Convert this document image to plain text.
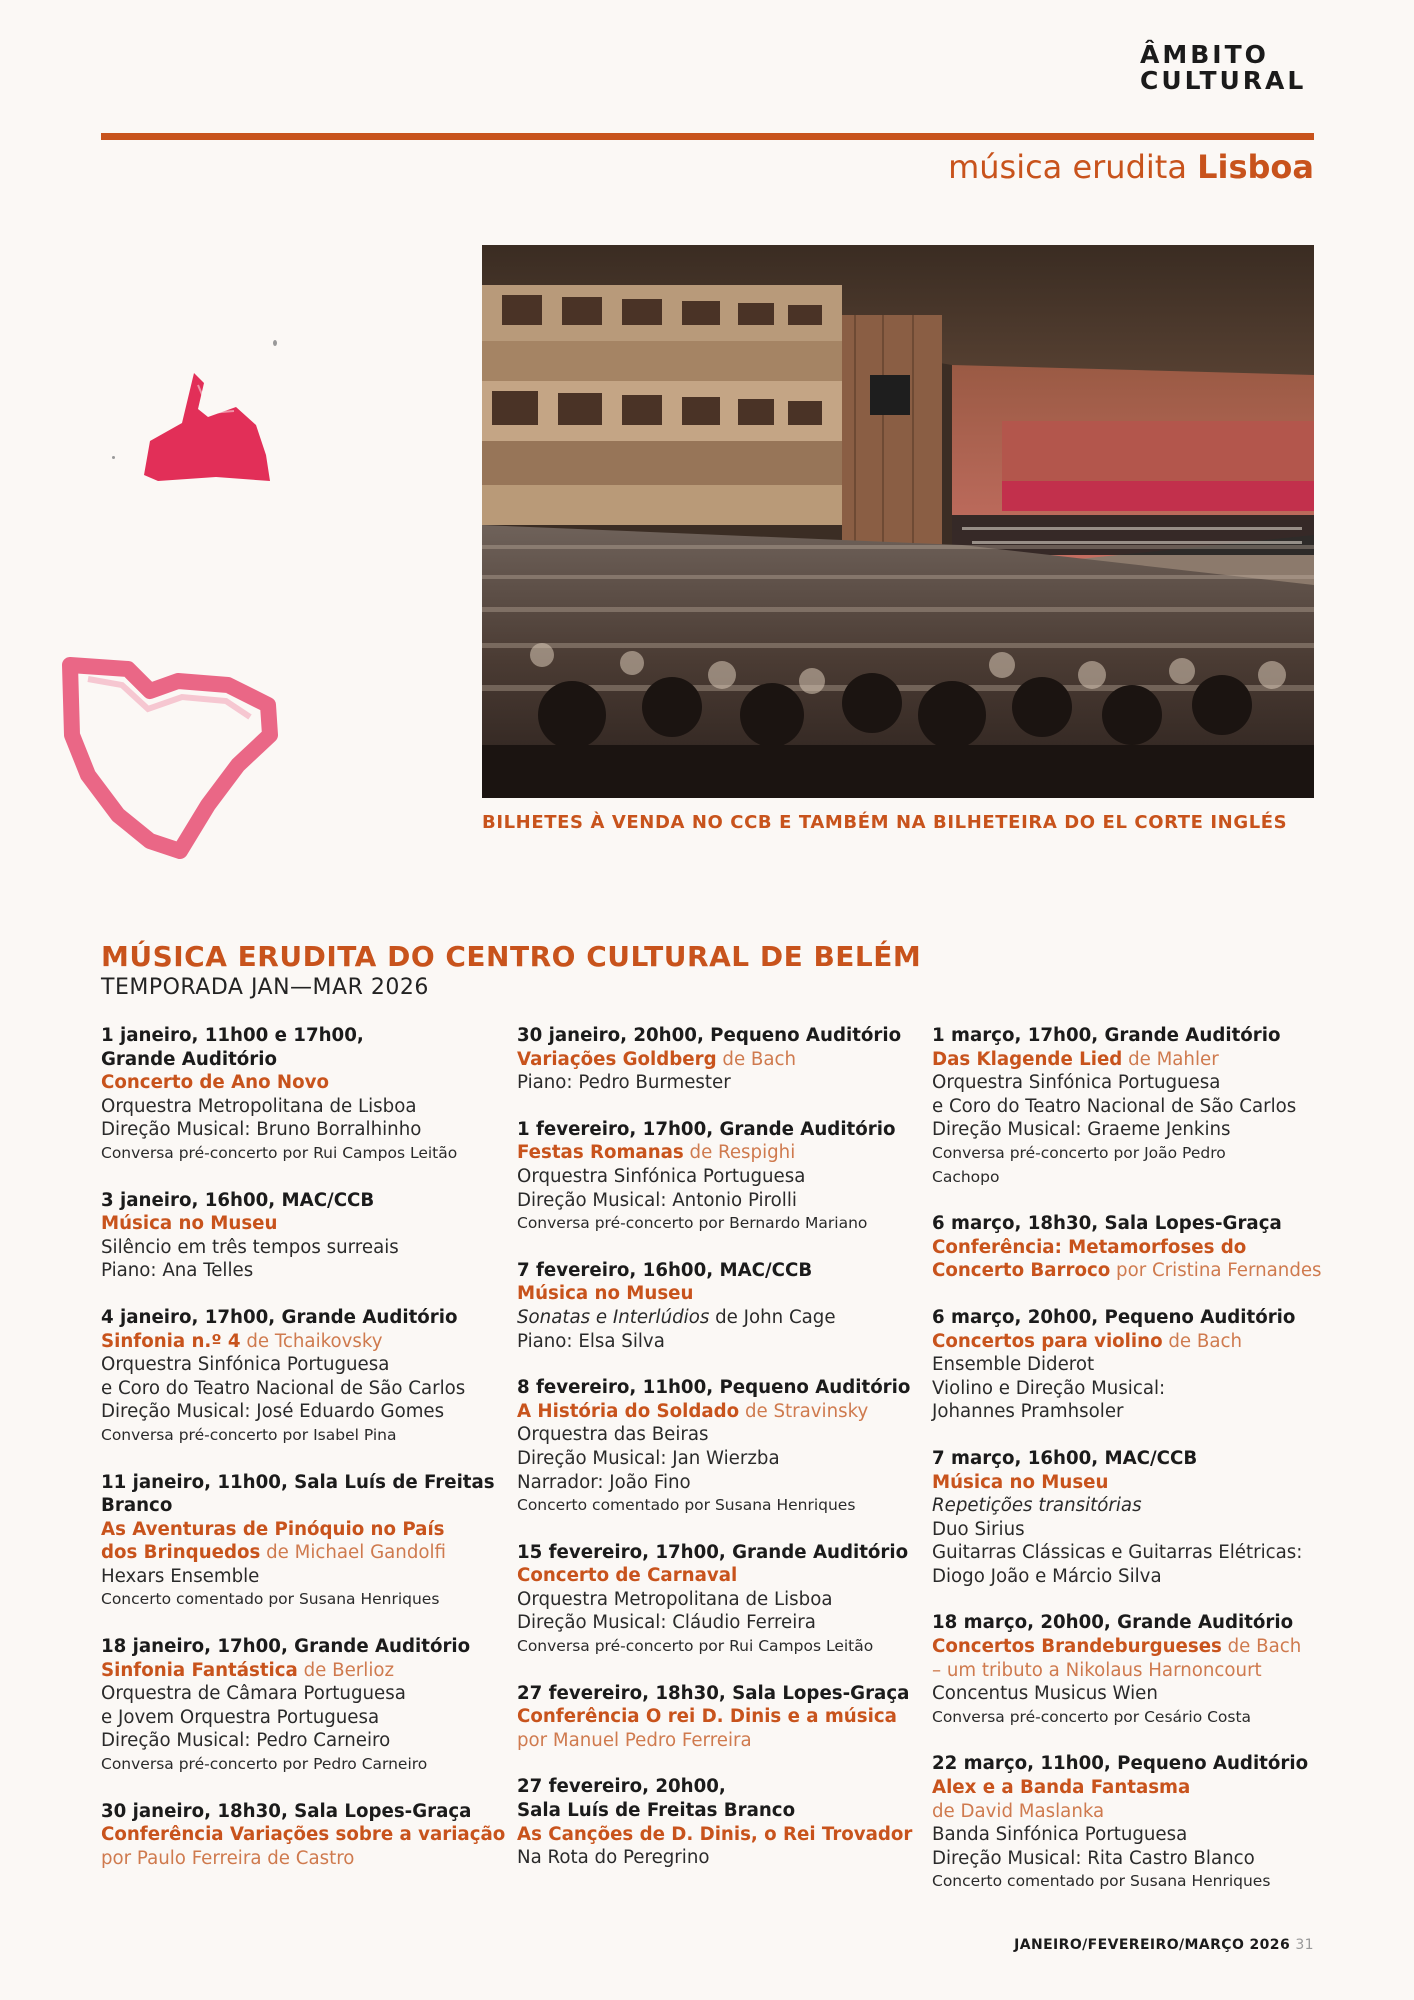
ÂMBITO
CULTURAL
música erudita Lisboa
BILHETES À VENDA NO CCB E TAMBÉM NA BILHETEIRA DO EL CORTE INGLÉS
MÚSICA ERUDITA DO CENTRO CULTURAL DE BELÉM
TEMPORADA JAN—MAR 2026
1 janeiro, 11h00 e 17h00,
Grande Auditório
Concerto de Ano Novo
Orquestra Metropolitana de Lisboa
Direção Musical: Bruno Borralhinho
Conversa pré-concerto por Rui Campos Leitão
3 janeiro, 16h00, MAC/CCB
Música no Museu
Silêncio em três tempos surreais
Piano: Ana Telles
4 janeiro, 17h00, Grande Auditório
Sinfonia n.º 4 de Tchaikovsky
Orquestra Sinfónica Portuguesa
e Coro do Teatro Nacional de São Carlos
Direção Musical: José Eduardo Gomes
Conversa pré-concerto por Isabel Pina
11 janeiro, 11h00, Sala Luís de Freitas
Branco
As Aventuras de Pinóquio no País
dos Brinquedos de Michael Gandolfi
Hexars Ensemble
Concerto comentado por Susana Henriques
18 janeiro, 17h00, Grande Auditório
Sinfonia Fantástica de Berlioz
Orquestra de Câmara Portuguesa
e Jovem Orquestra Portuguesa
Direção Musical: Pedro Carneiro
Conversa pré-concerto por Pedro Carneiro
30 janeiro, 18h30, Sala Lopes-Graça
Conferência Variações sobre a variação
por Paulo Ferreira de Castro
30 janeiro, 20h00, Pequeno Auditório
Variações Goldberg de Bach
Piano: Pedro Burmester
1 fevereiro, 17h00, Grande Auditório
Festas Romanas de Respighi
Orquestra Sinfónica Portuguesa
Direção Musical: Antonio Pirolli
Conversa pré-concerto por Bernardo Mariano
7 fevereiro, 16h00, MAC/CCB
Música no Museu
Sonatas e Interlúdios de John Cage
Piano: Elsa Silva
8 fevereiro, 11h00, Pequeno Auditório
A História do Soldado de Stravinsky
Orquestra das Beiras
Direção Musical: Jan Wierzba
Narrador: João Fino
Concerto comentado por Susana Henriques
15 fevereiro, 17h00, Grande Auditório
Concerto de Carnaval
Orquestra Metropolitana de Lisboa
Direção Musical: Cláudio Ferreira
Conversa pré-concerto por Rui Campos Leitão
27 fevereiro, 18h30, Sala Lopes-Graça
Conferência O rei D. Dinis e a música
por Manuel Pedro Ferreira
27 fevereiro, 20h00,
Sala Luís de Freitas Branco
As Canções de D. Dinis, o Rei Trovador
Na Rota do Peregrino
1 março, 17h00, Grande Auditório
Das Klagende Lied de Mahler
Orquestra Sinfónica Portuguesa
e Coro do Teatro Nacional de São Carlos
Direção Musical: Graeme Jenkins
Conversa pré-concerto por João Pedro
Cachopo
6 março, 18h30, Sala Lopes-Graça
Conferência: Metamorfoses do
Concerto Barroco por Cristina Fernandes
6 março, 20h00, Pequeno Auditório
Concertos para violino de Bach
Ensemble Diderot
Violino e Direção Musical:
Johannes Pramhsoler
7 março, 16h00, MAC/CCB
Música no Museu
Repetições transitórias
Duo Sirius
Guitarras Clássicas e Guitarras Elétricas:
Diogo João e Márcio Silva
18 março, 20h00, Grande Auditório
Concertos Brandeburgueses de Bach
– um tributo a Nikolaus Harnoncourt
Concentus Musicus Wien
Conversa pré-concerto por Cesário Costa
22 março, 11h00, Pequeno Auditório
Alex e a Banda Fantasma
de David Maslanka
Banda Sinfónica Portuguesa
Direção Musical: Rita Castro Blanco
Concerto comentado por Susana Henriques
JANEIRO/FEVEREIRO/MARÇO 2026 31
